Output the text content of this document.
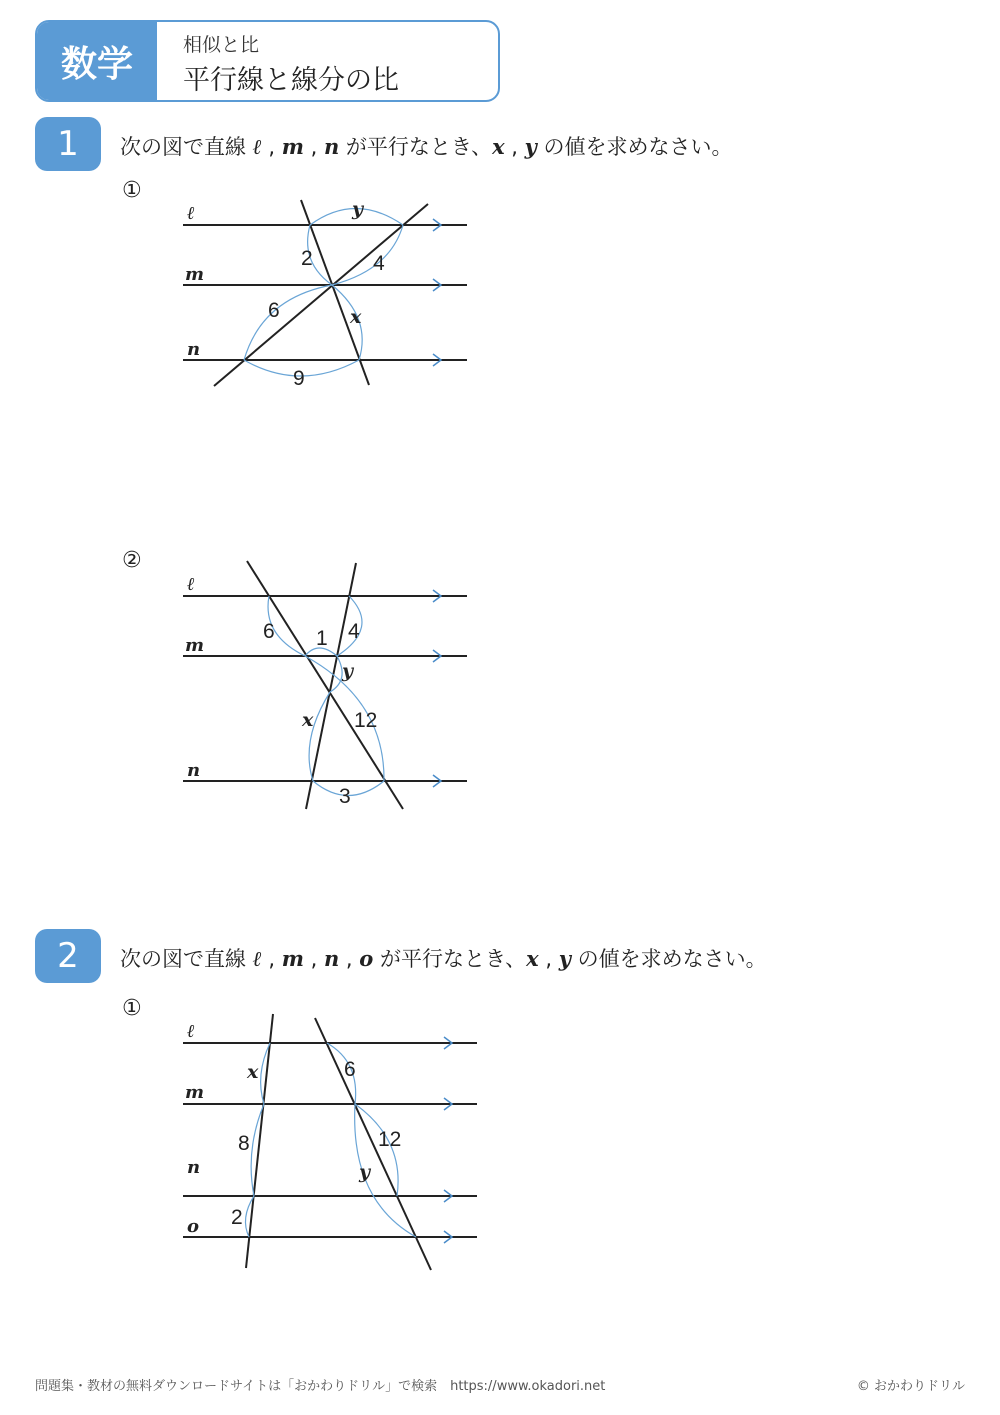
数学	相似と比
平行線と線分の比
1	次の図で直線 ℓ , m , n が平行なとき、x , y の値を求めなさい。
①
②
2	次の図で直線 ℓ , m , n , o が平行なとき、x , y の値を求めなさい。
①
ℓ
m
n
y
2	4
6	x
9
ℓ
m
n
6 1 4
y
x 12
3
ℓ
m
n
o
x	6
8	12
y
2
問題集・教材の無料ダウンロードサイトは「おかわりドリル」で検索　https://www.okadori.net	© おかわりドリル
